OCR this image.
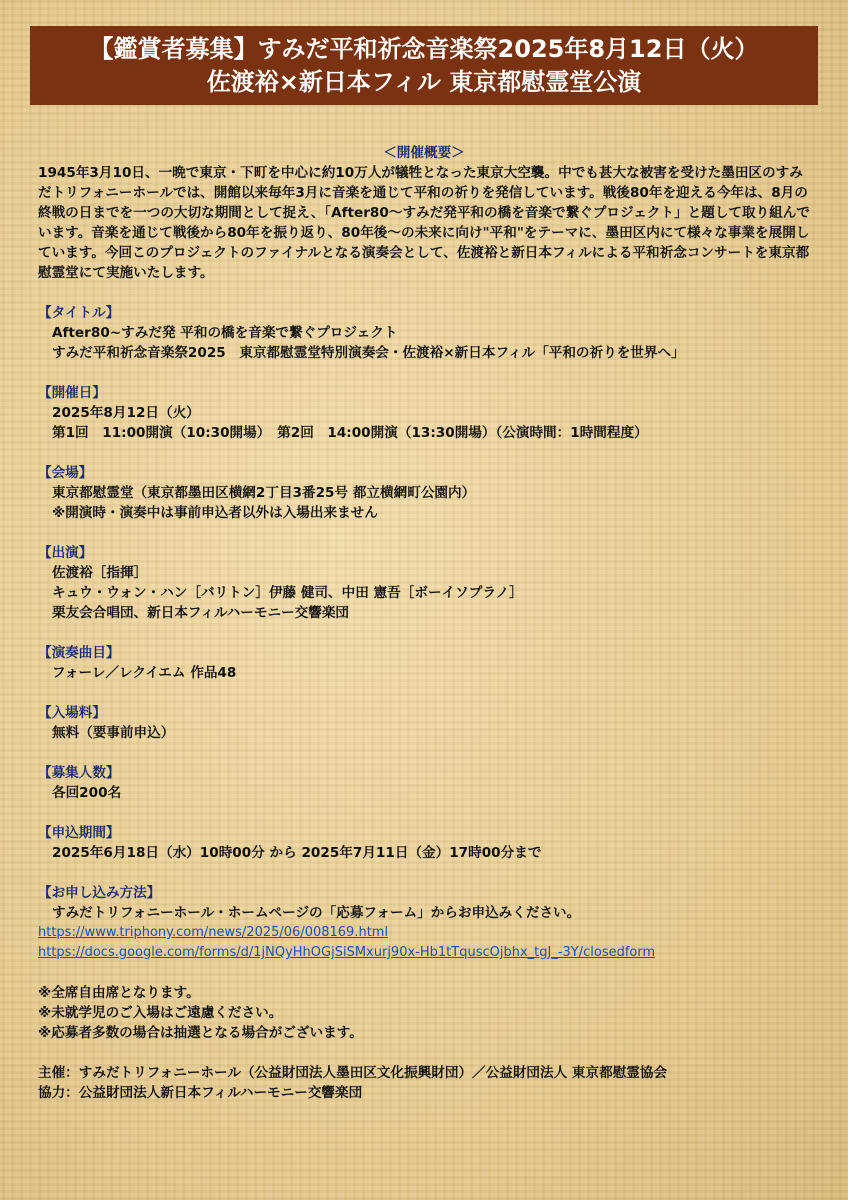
【鑑賞者募集】すみだ平和祈念音楽祭2025年8月12日（火）
佐渡裕×新日本フィル 東京都慰霊堂公演
＜開催概要＞

1945年3月10日、一晩で東京・下町を中心に約10万人が犠牲となった東京大空襲。中でも甚大な被害を受けた墨田区のすみだトリフォニーホールでは、開館以来毎年3月に音楽を通じて平和の祈りを発信しています。戦後80年を迎える今年は、8月の終戦の日までを一つの大切な期間として捉え、「After80～すみだ発平和の橋を音楽で繋ぐプロジェクト」と題して取り組んでいます。音楽を通じて戦後から80年を振り返り、80年後～の未来に向け"平和"をテーマに、墨田区内にて様々な事業を展開しています。今回このプロジェクトのファイナルとなる演奏会として、佐渡裕と新日本フィルによる平和祈念コンサートを東京都慰霊堂にて実施いたします。

【タイトル】
After80~すみだ発 平和の橋を音楽で繋ぐプロジェクト
すみだ平和祈念音楽祭2025　東京都慰霊堂特別演奏会・佐渡裕×新日本フィル「平和の祈りを世界へ」
【開催日】
2025年8月12日（火）
第1回　11:00開演（10:30開場）　第2回　14:00開演（13:30開場）（公演時間：1時間程度）
【会場】
東京都慰霊堂（東京都墨田区横網2丁目3番25号 都立横網町公園内）
※開演時・演奏中は事前申込者以外は入場出来ません
【出演】
佐渡裕［指揮］
キュウ・ウォン・ハン［バリトン］伊藤 健司、中田 憲吾［ボーイソプラノ］
栗友会合唱団、新日本フィルハーモニー交響楽団
【演奏曲目】
フォーレ／レクイエム 作品48
【入場料】
無料（要事前申込）
【募集人数】
各回200名
【申込期間】
2025年6月18日（水）10時00分 から 2025年7月11日（金）17時00分まで
【お申し込み方法】
すみだトリフォニーホール・ホームページの「応募フォーム」からお申込みください。
https://www.triphony.com/news/2025/06/008169.html
https://docs.google.com/forms/d/1jNQyHhOGjSiSMxurj90x-Hb1tTquscOjbhx_tgJ_-3Y/closedform
※全席自由席となります。
※未就学児のご入場はご遠慮ください。
※応募者多数の場合は抽選となる場合がございます。
主催：すみだトリフォニーホール（公益財団法人墨田区文化振興財団）／公益財団法人 東京都慰霊協会
協力：公益財団法人新日本フィルハーモニー交響楽団
